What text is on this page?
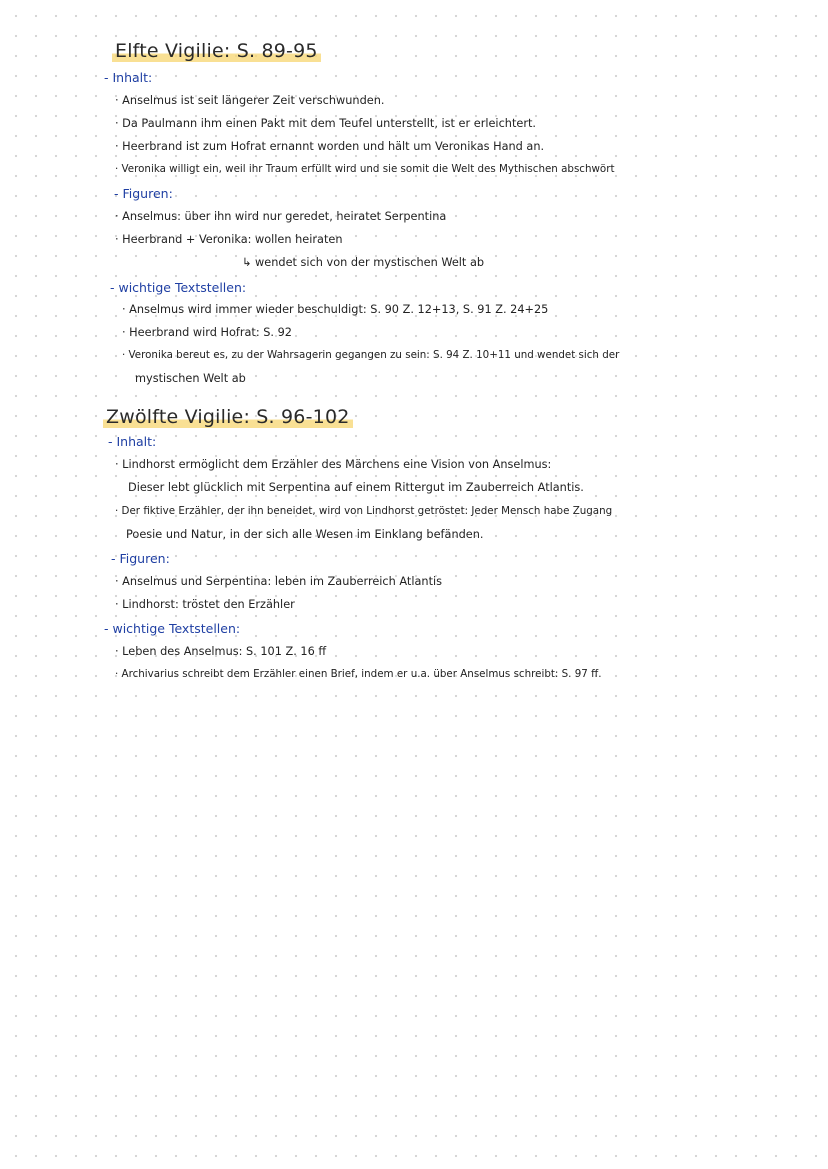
Elfte Vigilie: S. 89-95
- Inhalt:
· Anselmus ist seit längerer Zeit verschwunden.
· Da Paulmann ihm einen Pakt mit dem Teufel unterstellt, ist er erleichtert.
· Heerbrand ist zum Hofrat ernannt worden und hält um Veronikas Hand an.
· Veronika willigt ein, weil ihr Traum erfüllt wird und sie somit die Welt des Mythischen abschwört
- Figuren:
· Anselmus: über ihn wird nur geredet, heiratet Serpentina
· Heerbrand + Veronika: wollen heiraten
↳ wendet sich von der mystischen Welt ab
- wichtige Textstellen:
· Anselmus wird immer wieder beschuldigt: S. 90 Z. 12+13, S. 91 Z. 24+25
· Heerbrand wird Hofrat: S. 92
· Veronika bereut es, zu der Wahrsagerin gegangen zu sein: S. 94 Z. 10+11 und wendet sich der
mystischen Welt ab
Zwölfte Vigilie: S. 96-102
- Inhalt:
· Lindhorst ermöglicht dem Erzähler des Märchens eine Vision von Anselmus:
Dieser lebt glücklich mit Serpentina auf einem Rittergut im Zauberreich Atlantis.
· Der fiktive Erzähler, der ihn beneidet, wird von Lindhorst getröstet: Jeder Mensch habe Zugang
Poesie und Natur, in der sich alle Wesen im Einklang befänden.
- Figuren:
· Anselmus und Serpentina: leben im Zauberreich Atlantis
· Lindhorst: tröstet den Erzähler
- wichtige Textstellen:
· Leben des Anselmus: S. 101 Z. 16 ff
· Archivarius schreibt dem Erzähler einen Brief, indem er u.a. über Anselmus schreibt: S. 97 ff.
